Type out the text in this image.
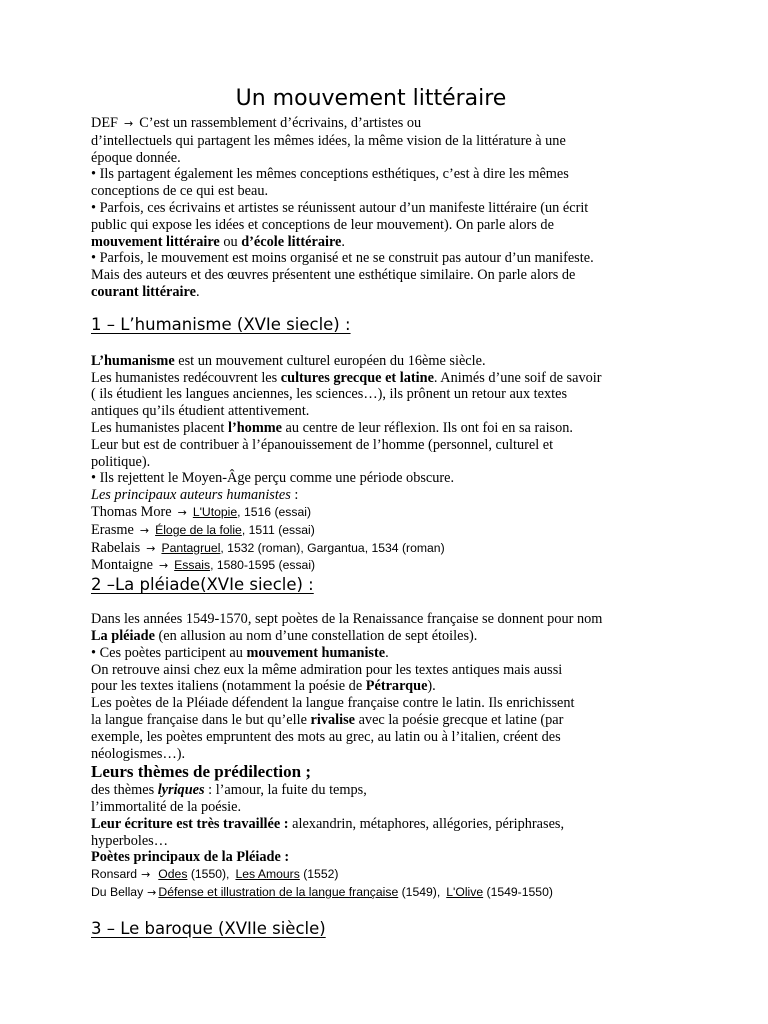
Un mouvement littéraire

DEF → C’est un rassemblement d’écrivains, d’artistes ou

d’intellectuels qui partagent les mêmes idées, la même vision de la littérature à une

époque donnée.

• Ils partagent également les mêmes conceptions esthétiques, c’est à dire les mêmes

conceptions de ce qui est beau.

• Parfois, ces écrivains et artistes se réunissent autour d’un manifeste littéraire (un écrit

public qui expose les idées et conceptions de leur mouvement). On parle alors de

mouvement littéraire ou d’école littéraire.

• Parfois, le mouvement est moins organisé et ne se construit pas autour d’un manifeste.

Mais des auteurs et des œuvres présentent une esthétique similaire. On parle alors de

courant littéraire.

1 – L’humanisme (XVIe siecle) :

L’humanisme est un mouvement culturel européen du 16ème siècle.

Les humanistes redécouvrent les cultures grecque et latine. Animés d’une soif de savoir

( ils étudient les langues anciennes, les sciences…), ils prônent un retour aux textes

antiques qu’ils étudient attentivement.

Les humanistes placent l’homme au centre de leur réflexion. Ils ont foi en sa raison.

Leur but est de contribuer à l’épanouissement de l’homme (personnel, culturel et

politique).

• Ils rejettent le Moyen-Âge perçu comme une période obscure.

Les principaux auteurs humanistes :

Thomas More → L'Utopie, 1516 (essai)

Erasme → Éloge de la folie, 1511 (essai)

Rabelais → Pantagruel, 1532 (roman), Gargantua, 1534 (roman)

Montaigne → Essais, 1580-1595 (essai)

2 –La pléiade(XVIe siecle) :

Dans les années 1549-1570, sept poètes de la Renaissance française se donnent pour nom

La pléiade (en allusion au nom d’une constellation de sept étoiles).

• Ces poètes participent au mouvement humaniste.

On retrouve ainsi chez eux la même admiration pour les textes antiques mais aussi

pour les textes italiens (notamment la poésie de Pétrarque).

Les poètes de la Pléiade défendent la langue française contre le latin. Ils enrichissent

la langue française dans le but qu’elle rivalise avec la poésie grecque et latine (par

exemple, les poètes empruntent des mots au grec, au latin ou à l’italien, créent des

néologismes…).

Leurs thèmes de prédilection ;

des thèmes lyriques : l’amour, la fuite du temps,

l’immortalité de la poésie.

Leur écriture est très travaillée : alexandrin, métaphores, allégories, périphrases,

hyperboles…

Poètes principaux de la Pléiade :

Ronsard → Odes (1550), Les Amours (1552)

Du Bellay → Défense et illustration de la langue française (1549), L'Olive (1549-1550)

3 – Le baroque (XVIIe siècle)
